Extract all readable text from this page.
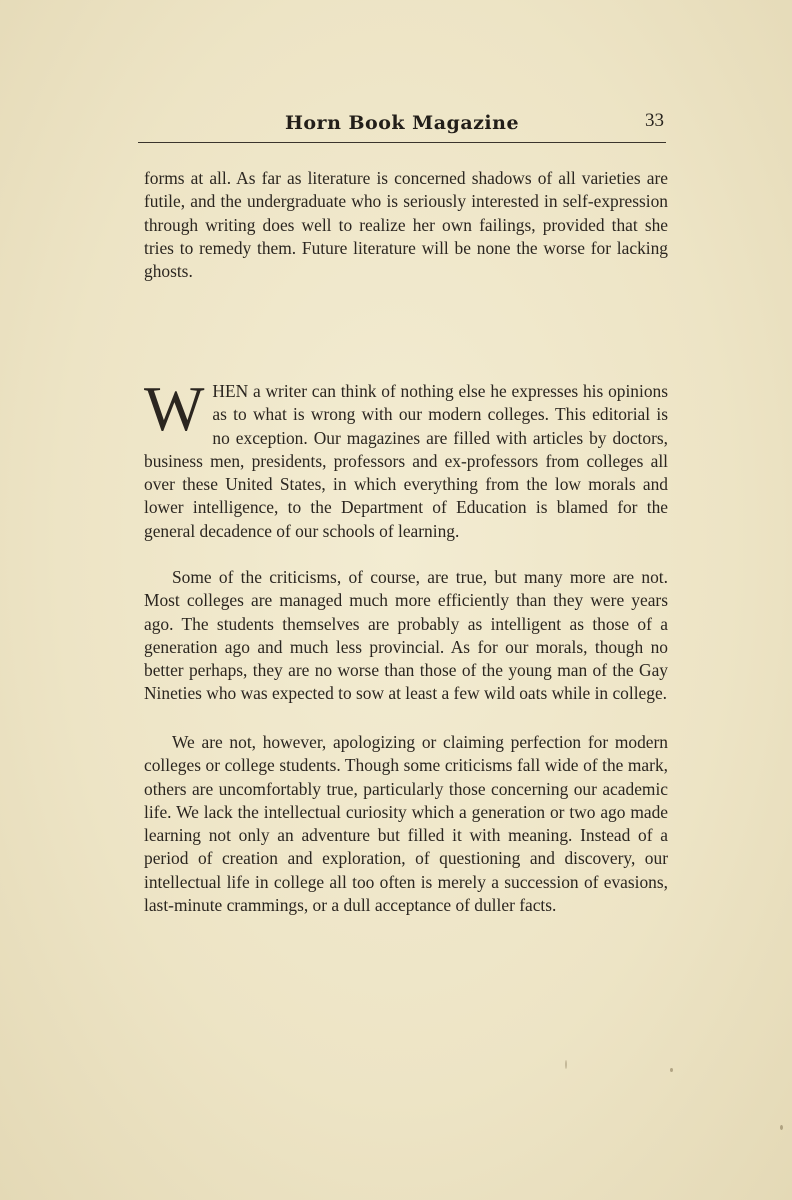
Horn Book Magazine	33

forms at all. As far as literature is concerned shadows of all varieties are futile, and the undergraduate who is seriously interested in self-expression through writing does well to realize her own failings, provided that she tries to remedy them. Future literature will be none the worse for lacking ghosts.

WHEN a writer can think of nothing else he expresses his opinions as to what is wrong with our modern colleges. This editorial is no exception. Our magazines are filled with articles by doctors, business men, presidents, professors and ex-professors from colleges all over these United States, in which everything from the low morals and lower intelligence, to the Department of Education is blamed for the general decadence of our schools of learning.

Some of the criticisms, of course, are true, but many more are not. Most colleges are managed much more efficiently than they were years ago. The students themselves are probably as intelligent as those of a generation ago and much less provincial. As for our morals, though no better perhaps, they are no worse than those of the young man of the Gay Nineties who was expected to sow at least a few wild oats while in college.

We are not, however, apologizing or claiming perfection for modern colleges or college students. Though some criticisms fall wide of the mark, others are uncomfortably true, particularly those concerning our academic life. We lack the intellectual curiosity which a generation or two ago made learning not only an adventure but filled it with meaning. Instead of a period of creation and exploration, of questioning and discovery, our intellectual life in college all too often is merely a succession of evasions, last-minute crammings, or a dull acceptance of duller facts.
